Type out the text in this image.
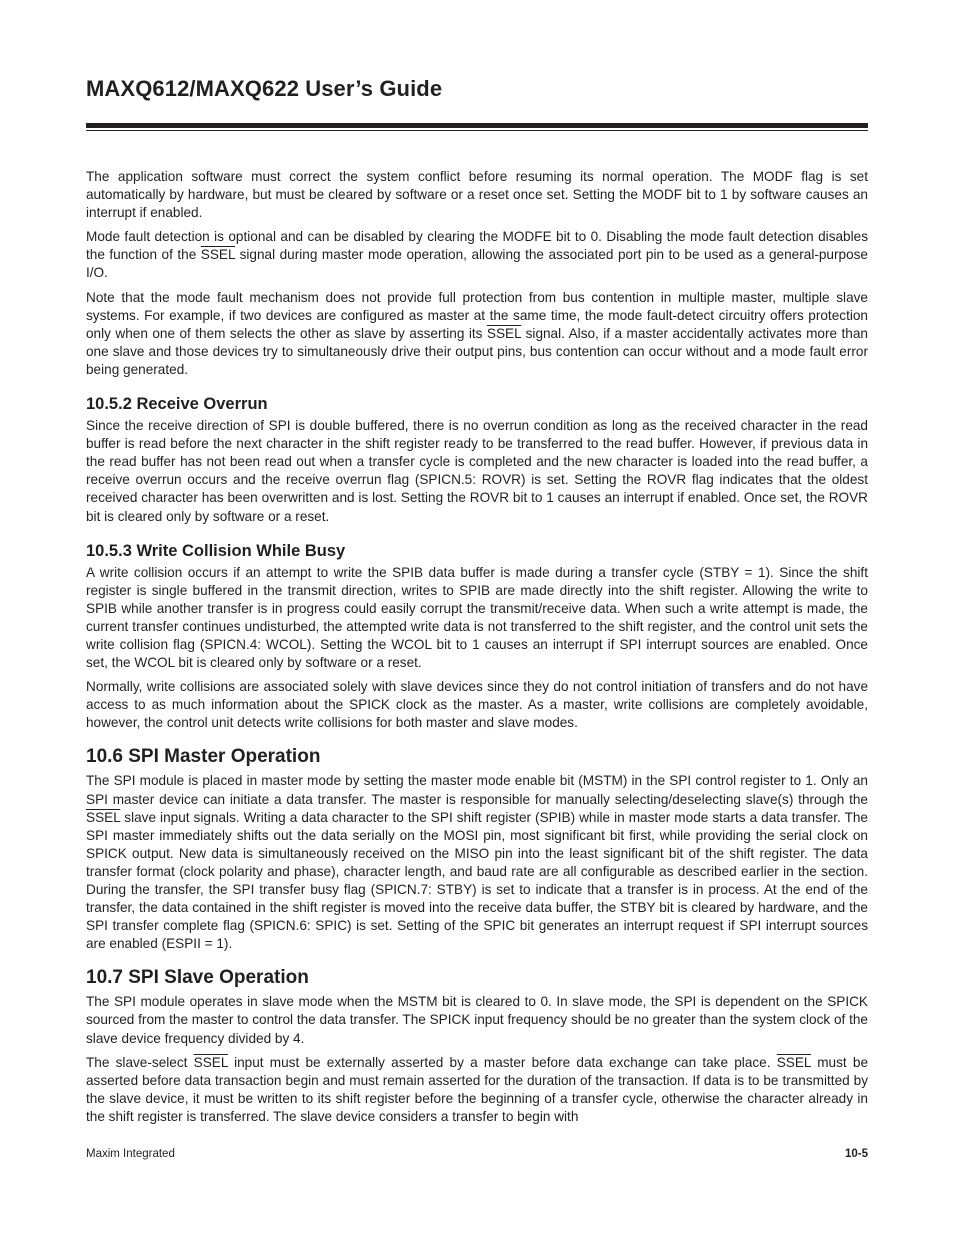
MAXQ612/MAXQ622 User’s Guide

The application software must correct the system conflict before resuming its normal operation. The MODF flag is set automatically by hardware, but must be cleared by software or a reset once set. Setting the MODF bit to 1 by software causes an interrupt if enabled.

Mode fault detection is optional and can be disabled by clearing the MODFE bit to 0. Disabling the mode fault detection disables the function of the SSEL signal during master mode operation, allowing the associated port pin to be used as a general-purpose I/O.

Note that the mode fault mechanism does not provide full protection from bus contention in multiple master, multiple slave systems. For example, if two devices are configured as master at the same time, the mode fault-detect circuitry offers protection only when one of them selects the other as slave by asserting its SSEL signal. Also, if a master accidentally activates more than one slave and those devices try to simultaneously drive their output pins, bus contention can occur without and a mode fault error being generated.

10.5.2 Receive Overrun

Since the receive direction of SPI is double buffered, there is no overrun condition as long as the received character in the read buffer is read before the next character in the shift register ready to be transferred to the read buffer. However, if previous data in the read buffer has not been read out when a transfer cycle is completed and the new character is loaded into the read buffer, a receive overrun occurs and the receive overrun flag (SPICN.5: ROVR) is set. Setting the ROVR flag indicates that the oldest received character has been overwritten and is lost. Setting the ROVR bit to 1 causes an interrupt if enabled. Once set, the ROVR bit is cleared only by software or a reset.

10.5.3 Write Collision While Busy

A write collision occurs if an attempt to write the SPIB data buffer is made during a transfer cycle (STBY = 1). Since the shift register is single buffered in the transmit direction, writes to SPIB are made directly into the shift register. Allowing the write to SPIB while another transfer is in progress could easily corrupt the transmit/receive data. When such a write attempt is made, the current transfer continues undisturbed, the attempted write data is not transferred to the shift register, and the control unit sets the write collision flag (SPICN.4: WCOL). Setting the WCOL bit to 1 causes an interrupt if SPI interrupt sources are enabled. Once set, the WCOL bit is cleared only by software or a reset.

Normally, write collisions are associated solely with slave devices since they do not control initiation of transfers and do not have access to as much information about the SPICK clock as the master. As a master, write collisions are completely avoidable, however, the control unit detects write collisions for both master and slave modes.

10.6 SPI Master Operation

The SPI module is placed in master mode by setting the master mode enable bit (MSTM) in the SPI control register to 1. Only an SPI master device can initiate a data transfer. The master is responsible for manually selecting/deselecting slave(s) through the SSEL slave input signals. Writing a data character to the SPI shift register (SPIB) while in master mode starts a data transfer. The SPI master immediately shifts out the data serially on the MOSI pin, most significant bit first, while providing the serial clock on SPICK output. New data is simultaneously received on the MISO pin into the least significant bit of the shift register. The data transfer format (clock polarity and phase), character length, and baud rate are all configurable as described earlier in the section. During the transfer, the SPI transfer busy flag (SPICN.7: STBY) is set to indicate that a transfer is in process. At the end of the transfer, the data contained in the shift register is moved into the receive data buffer, the STBY bit is cleared by hardware, and the SPI transfer complete flag (SPICN.6: SPIC) is set. Setting of the SPIC bit generates an interrupt request if SPI interrupt sources are enabled (ESPII = 1).

10.7 SPI Slave Operation

The SPI module operates in slave mode when the MSTM bit is cleared to 0. In slave mode, the SPI is dependent on the SPICK sourced from the master to control the data transfer. The SPICK input frequency should be no greater than the system clock of the slave device frequency divided by 4.

The slave-select SSEL input must be externally asserted by a master before data exchange can take place. SSEL must be asserted before data transaction begin and must remain asserted for the duration of the transaction. If data is to be transmitted by the slave device, it must be written to its shift register before the beginning of a transfer cycle, otherwise the character already in the shift register is transferred. The slave device considers a transfer to begin with

Maxim Integrated	10-5
